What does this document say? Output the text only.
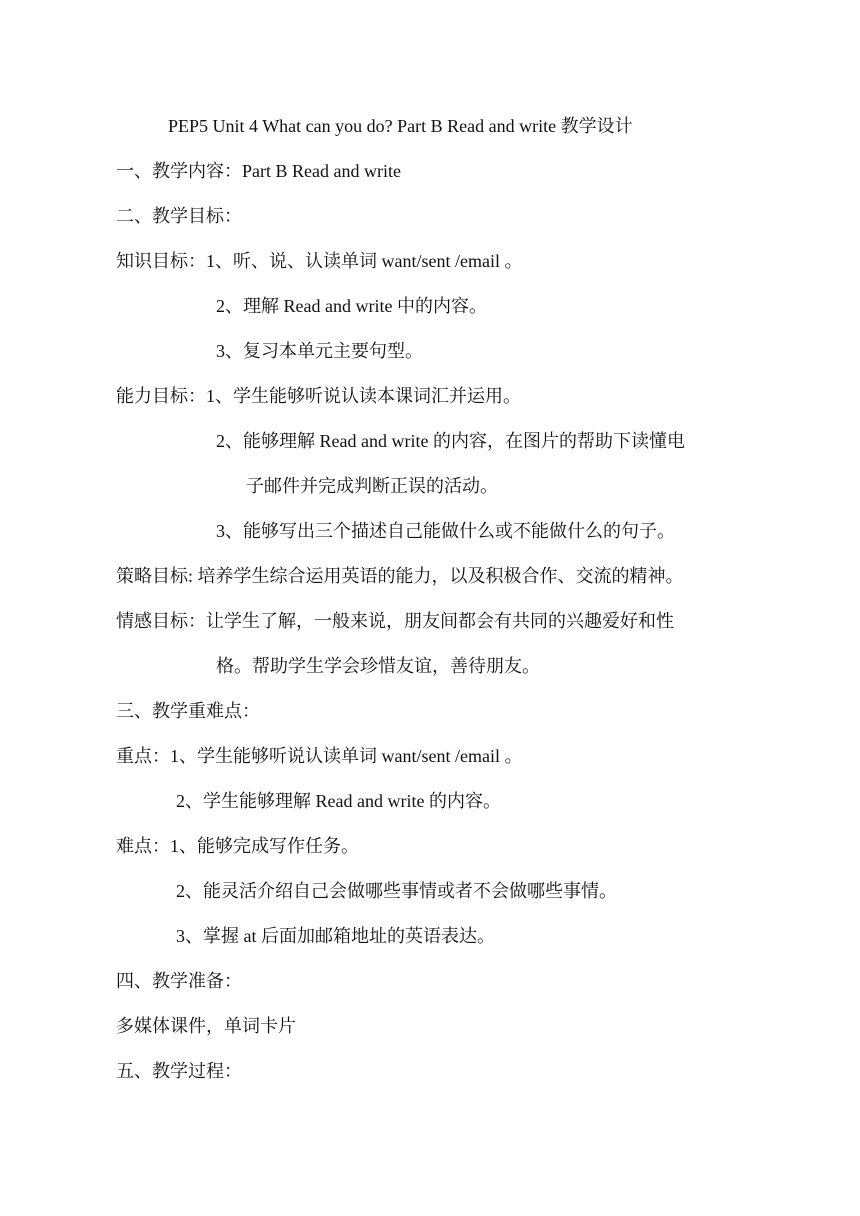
PEP5 Unit 4 What can you do? Part B Read and write 教学设计
一、教学内容：Part B Read and write
二、教学目标：
知识目标：1、听、说、认读单词 want/sent /email 。
2、理解 Read and write 中的内容。
3、复习本单元主要句型。
能力目标：1、学生能够听说认读本课词汇并运用。
2、能够理解 Read and write 的内容，在图片的帮助下读懂电
子邮件并完成判断正误的活动。
3、能够写出三个描述自己能做什么或不能做什么的句子。
策略目标: 培养学生综合运用英语的能力，以及积极合作、交流的精神。
情感目标：让学生了解，一般来说，朋友间都会有共同的兴趣爱好和性
格。帮助学生学会珍惜友谊，善待朋友。
三、教学重难点：
重点：1、学生能够听说认读单词 want/sent /email 。
2、学生能够理解 Read and write 的内容。
难点：1、能够完成写作任务。
2、能灵活介绍自己会做哪些事情或者不会做哪些事情。
3、掌握 at 后面加邮箱地址的英语表达。
四、教学准备：
多媒体课件，单词卡片
五、教学过程：
